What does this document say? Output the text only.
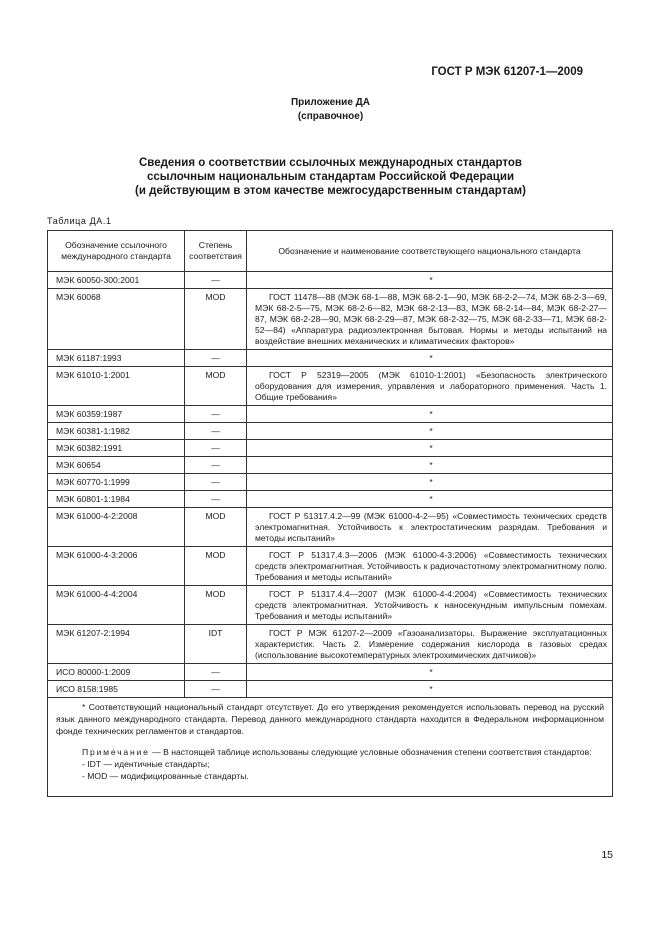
ГОСТ Р МЭК 61207-1—2009
Приложение ДА
(справочное)
Сведения о соответствии ссылочных международных стандартов
ссылочным национальным стандартам Российской Федерации
(и действующим в этом качестве межгосударственным стандартам)
Таблица ДА.1
Обозначение ссылочного международного стандарта	Степень соответствия	Обозначение и наименование соответствующего национального стандарта
МЭК 60050-300:2001	—	*
МЭК 60068	MOD	ГОСТ 11478—88 (МЭК 68-1—88, МЭК 68-2-1—90, МЭК 68-2-2—74, МЭК 68-2-3—69, МЭК 68-2-5—75, МЭК 68-2-6—82, МЭК 68-2-13—83, МЭК 68-2-14—84, МЭК 68-2-27—87, МЭК 68-2-28—90, МЭК 68-2-29—87, МЭК 68-2-32—75, МЭК 68-2-33—71, МЭК 68-2-52—84) «Аппаратура радиоэлектронная бытовая. Нормы и методы испытаний на воздействие внешних механических и климатических факторов»
МЭК 61187:1993	—	*
МЭК 61010-1:2001	MOD	ГОСТ Р 52319—2005 (МЭК 61010-1:2001) «Безопасность электрического оборудования для измерения, управления и лабораторного применения. Часть 1. Общие требования»
МЭК 60359:1987	—	*
МЭК 60381-1:1982	—	*
МЭК 60382:1991	—	*
МЭК 60654	—	*
МЭК 60770-1:1999	—	*
МЭК 60801-1:1984	—	*
МЭК 61000-4-2:2008	MOD	ГОСТ Р 51317.4.2—99 (МЭК 61000-4-2—95) «Совместимость технических средств электромагнитная. Устойчивость к электростатическим разрядам. Требования и методы испытаний»
МЭК 61000-4-3:2006	MOD	ГОСТ Р 51317.4.3—2006 (МЭК 61000-4-3:2006) «Совместимость технических средств электромагнитная. Устойчивость к радиочастотному электромагнитному полю. Требования и методы испытаний»
МЭК 61000-4-4:2004	MOD	ГОСТ Р 51317.4.4—2007 (МЭК 61000-4-4:2004) «Совместимость технических средств электромагнитная. Устойчивость к наносекундным импульсным помехам. Требования и методы испытаний»
МЭК 61207-2:1994	IDT	ГОСТ Р МЭК 61207-2—2009 «Газоанализаторы. Выражение эксплуатационных характеристик. Часть 2. Измерение содержания кислорода в газовых средах (использование высокотемпературных электрохимических датчиков)»
ИСО 80000-1:2009	—	*
ИСО 8158:1985	—	*

* Соответствующий национальный стандарт отсутствует. До его утверждения рекомендуется использовать перевод на русский язык данного международного стандарта. Перевод данного международного стандарта находится в Федеральном информационном фонде технических регламентов и стандартов.

Примечание — В настоящей таблице использованы следующие условные обозначения степени соответствия стандартов:

- IDT — идентичные стандарты;

- MOD — модифицированные стандарты.

15
